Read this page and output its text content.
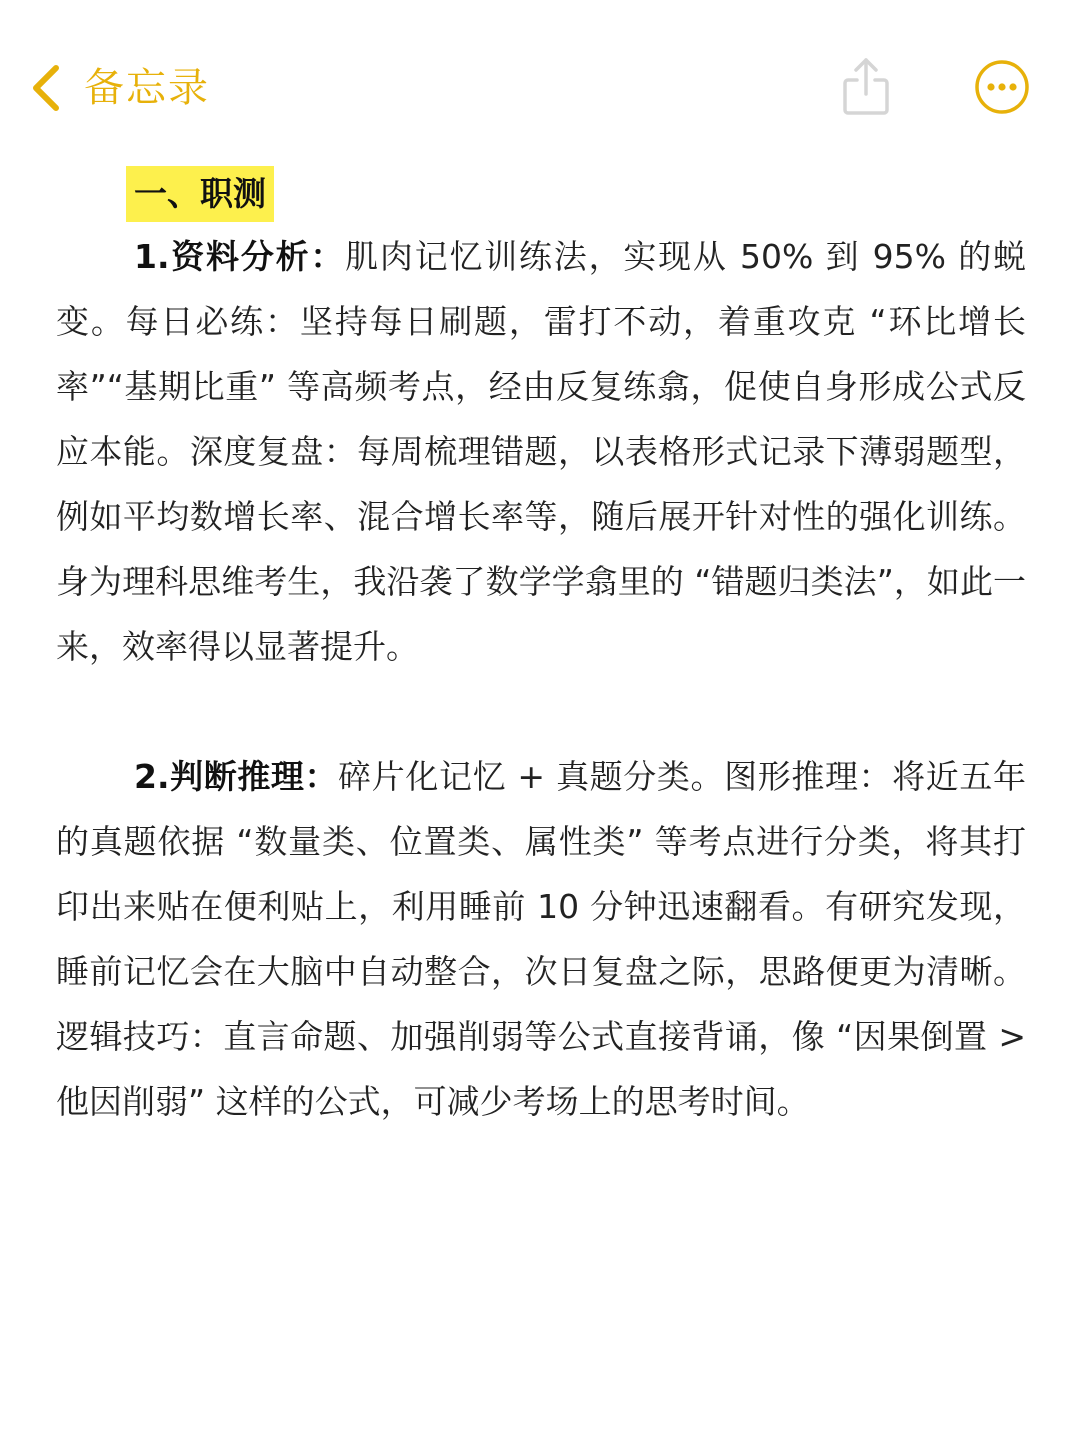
备忘录
一、职测

1.资料分析：肌肉记忆训练法，实现从 50% 到 95% 的蜕变。每日必练：坚持每日刷题，雷打不动，着重攻克 “环比增长率”“基期比重” 等高频考点，经由反复练翕，促使自身形成公式反应本能。深度复盘：每周梳理错题，以表格形式记录下薄弱题型，例如平均数增长率、混合增长率等，随后展开针对性的强化训练。身为理科思维考生，我沿袭了数学学翕里的 “错题归类法”，如此一来，效率得以显著提升。

2.判断推理：碎片化记忆 + 真题分类。图形推理：将近五年的真题依据 “数量类、位置类、属性类” 等考点进行分类，将其打印出来贴在便利贴上，利用睡前 10 分钟迅速翻看。有研究发现，睡前记忆会在大脑中自动整合，次日复盘之际，思路便更为清晰。逻辑技巧：直言命题、加强削弱等公式直接背诵，像 “因果倒置 > 他因削弱” 这样的公式，可减少考场上的思考时间。
